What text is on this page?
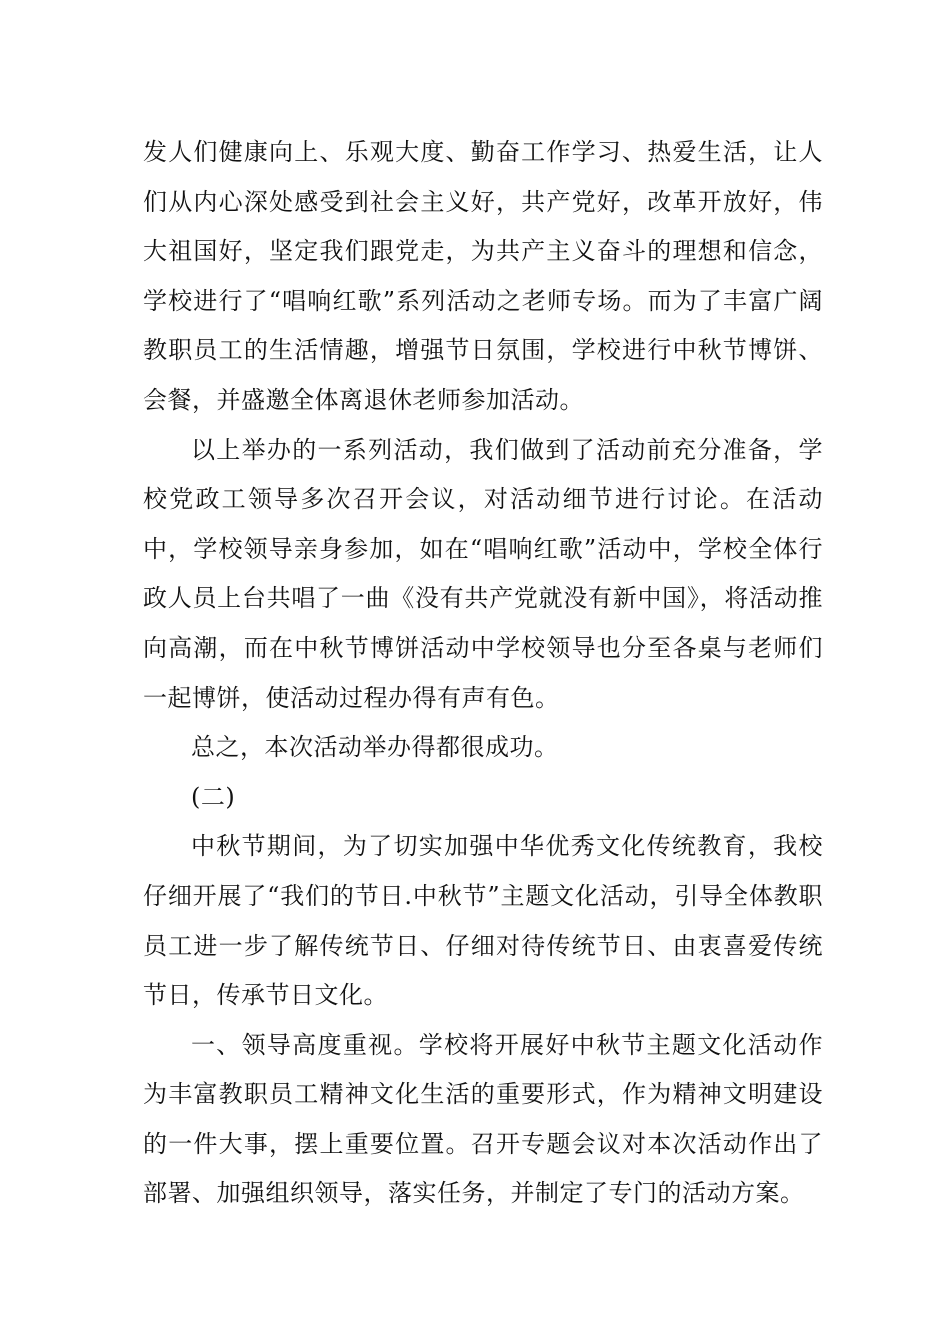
发人们健康向上、乐观大度、勤奋工作学习、热爱生活，让人们从内心深处感受到社会主义好，共产党好，改革开放好，伟大祖国好，坚定我们跟党走，为共产主义奋斗的理想和信念，学校进行了“唱响红歌”系列活动之老师专场。而为了丰富广阔教职员工的生活情趣，增强节日氛围，学校进行中秋节博饼、会餐，并盛邀全体离退休老师参加活动。

以上举办的一系列活动，我们做到了活动前充分准备，学校党政工领导多次召开会议，对活动细节进行讨论。在活动中，学校领导亲身参加，如在“唱响红歌”活动中，学校全体行政人员上台共唱了一曲《没有共产党就没有新中国》，将活动推向高潮，而在中秋节博饼活动中学校领导也分至各桌与老师们一起博饼，使活动过程办得有声有色。

总之，本次活动举办得都很成功。

(二)

中秋节期间，为了切实加强中华优秀文化传统教育，我校仔细开展了“我们的节日.中秋节”主题文化活动，引导全体教职员工进一步了解传统节日、仔细对待传统节日、由衷喜爱传统节日，传承节日文化。

一、领导高度重视。学校将开展好中秋节主题文化活动作为丰富教职员工精神文化生活的重要形式，作为精神文明建设的一件大事，摆上重要位置。召开专题会议对本次活动作出了部署、加强组织领导，落实任务，并制定了专门的活动方案。
